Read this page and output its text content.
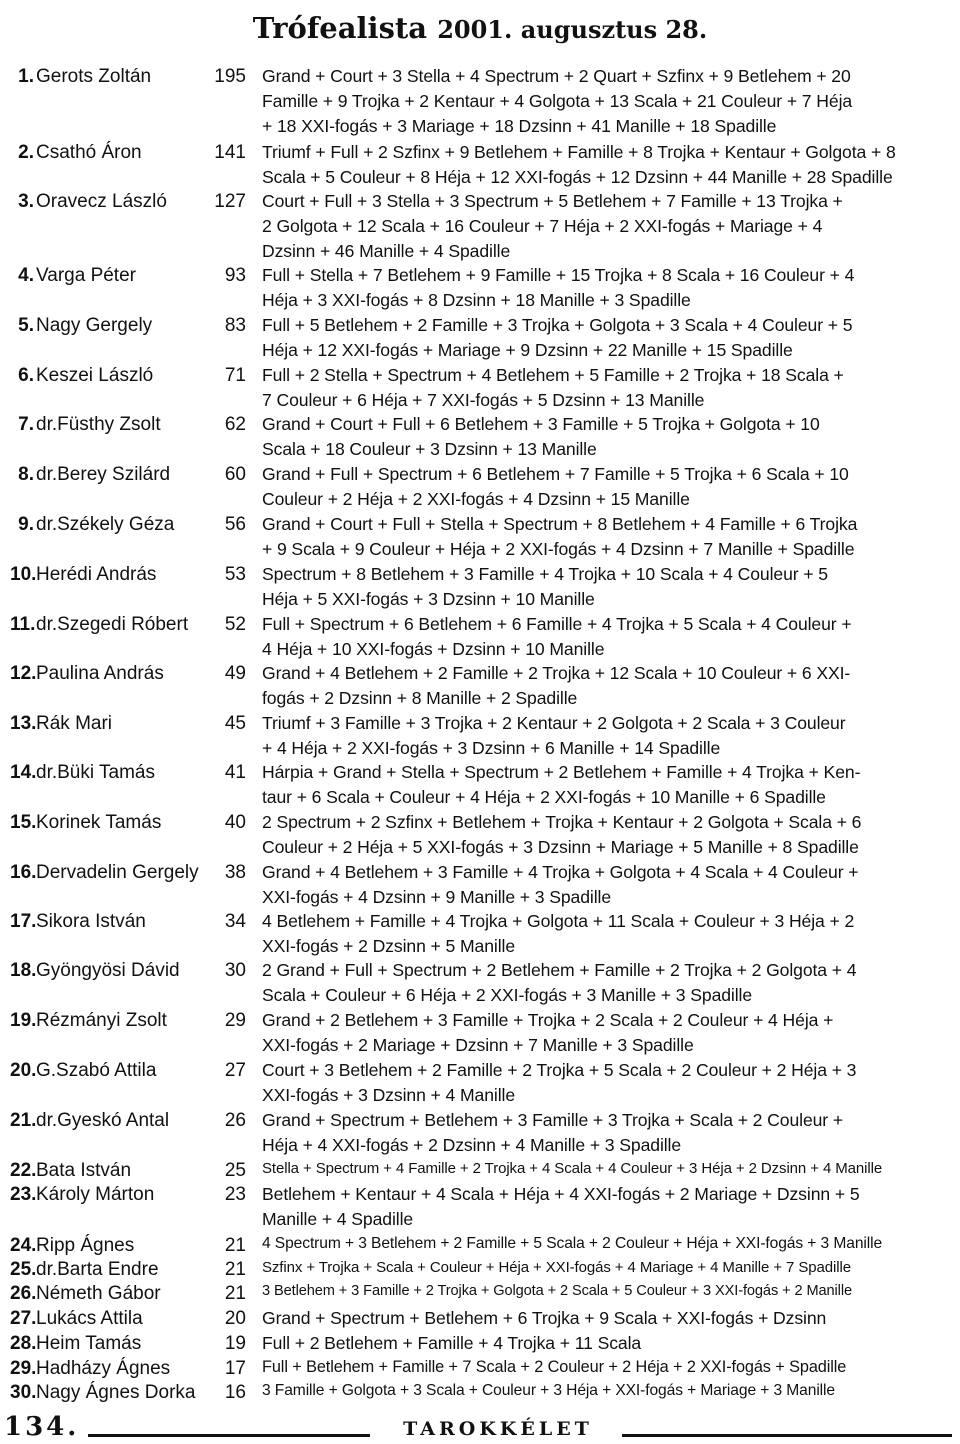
Trófealista 2001. augusztus 28.
1. Gerots Zoltán	195 Grand + Court + 3 Stella + 4 Spectrum + 2 Quart + Szfinx + 9 Betlehem + 20
Famille + 9 Trojka + 2 Kentaur + 4 Golgota + 13 Scala + 21 Couleur + 7 Héja
+ 18 XXI-fogás + 3 Mariage + 18 Dzsinn + 41 Manille + 18 Spadille
2. Csathó Áron	141 Triumf + Full + 2 Szfinx + 9 Betlehem + Famille + 8 Trojka + Kentaur + Golgota + 8
Scala + 5 Couleur + 8 Héja + 12 XXI-fogás + 12 Dzsinn + 44 Manille + 28 Spadille
3. Oravecz László	127 Court + Full + 3 Stella + 3 Spectrum + 5 Betlehem + 7 Famille + 13 Trojka +
2 Golgota + 12 Scala + 16 Couleur + 7 Héja + 2 XXI-fogás + Mariage + 4
Dzsinn + 46 Manille + 4 Spadille
4. Varga Péter	93 Full + Stella + 7 Betlehem + 9 Famille + 15 Trojka + 8 Scala + 16 Couleur + 4
Héja + 3 XXI-fogás + 8 Dzsinn + 18 Manille + 3 Spadille
5. Nagy Gergely	83 Full + 5 Betlehem + 2 Famille + 3 Trojka + Golgota + 3 Scala + 4 Couleur + 5
Héja + 12 XXI-fogás + Mariage + 9 Dzsinn + 22 Manille + 15 Spadille
6. Keszei László	71 Full + 2 Stella + Spectrum + 4 Betlehem + 5 Famille + 2 Trojka + 18 Scala +
7 Couleur + 6 Héja + 7 XXI-fogás + 5 Dzsinn + 13 Manille
7. dr.Füsthy Zsolt	62 Grand + Court + Full + 6 Betlehem + 3 Famille + 5 Trojka + Golgota + 10
Scala + 18 Couleur + 3 Dzsinn + 13 Manille
8. dr.Berey Szilárd	60 Grand + Full + Spectrum + 6 Betlehem + 7 Famille + 5 Trojka + 6 Scala + 10
Couleur + 2 Héja + 2 XXI-fogás + 4 Dzsinn + 15 Manille
9. dr.Székely Géza	56 Grand + Court + Full + Stella + Spectrum + 8 Betlehem + 4 Famille + 6 Trojka
+ 9 Scala + 9 Couleur + Héja + 2 XXI-fogás + 4 Dzsinn + 7 Manille + Spadille
10. Herédi András	53 Spectrum + 8 Betlehem + 3 Famille + 4 Trojka + 10 Scala + 4 Couleur + 5
Héja + 5 XXI-fogás + 3 Dzsinn + 10 Manille
11. dr.Szegedi Róbert	52 Full + Spectrum + 6 Betlehem + 6 Famille + 4 Trojka + 5 Scala + 4 Couleur +
4 Héja + 10 XXI-fogás + Dzsinn + 10 Manille
12. Paulina András	49 Grand + 4 Betlehem + 2 Famille + 2 Trojka + 12 Scala + 10 Couleur + 6 XXI-
fogás + 2 Dzsinn + 8 Manille + 2 Spadille
13. Rák Mari	45 Triumf + 3 Famille + 3 Trojka + 2 Kentaur + 2 Golgota + 2 Scala + 3 Couleur
+ 4 Héja + 2 XXI-fogás + 3 Dzsinn + 6 Manille + 14 Spadille
14. dr.Büki Tamás	41 Hárpia + Grand + Stella + Spectrum + 2 Betlehem + Famille + 4 Trojka + Ken-
taur + 6 Scala + Couleur + 4 Héja + 2 XXI-fogás + 10 Manille + 6 Spadille
15. Korinek Tamás	40 2 Spectrum + 2 Szfinx + Betlehem + Trojka + Kentaur + 2 Golgota + Scala + 6
Couleur + 2 Héja + 5 XXI-fogás + 3 Dzsinn + Mariage + 5 Manille + 8 Spadille
16. Dervadelin Gergely	38 Grand + 4 Betlehem + 3 Famille + 4 Trojka + Golgota + 4 Scala + 4 Couleur +
XXI-fogás + 4 Dzsinn + 9 Manille + 3 Spadille
17. Sikora István	34 4 Betlehem + Famille + 4 Trojka + Golgota + 11 Scala + Couleur + 3 Héja + 2
XXI-fogás + 2 Dzsinn + 5 Manille
18. Gyöngyösi Dávid	30 2 Grand + Full + Spectrum + 2 Betlehem + Famille + 2 Trojka + 2 Golgota + 4
Scala + Couleur + 6 Héja + 2 XXI-fogás + 3 Manille + 3 Spadille
19. Rézmányi Zsolt	29 Grand + 2 Betlehem + 3 Famille + Trojka + 2 Scala + 2 Couleur + 4 Héja +
XXI-fogás + 2 Mariage + Dzsinn + 7 Manille + 3 Spadille
20. G.Szabó Attila	27 Court + 3 Betlehem + 2 Famille + 2 Trojka + 5 Scala + 2 Couleur + 2 Héja + 3
XXI-fogás + 3 Dzsinn + 4 Manille
21. dr.Gyeskó Antal	26 Grand + Spectrum + Betlehem + 3 Famille + 3 Trojka + Scala + 2 Couleur +
Héja + 4 XXI-fogás + 2 Dzsinn + 4 Manille + 3 Spadille
22. Bata István	25 Stella + Spectrum + 4 Famille + 2 Trojka + 4 Scala + 4 Couleur + 3 Héja + 2 Dzsinn + 4 Manille
23. Károly Márton	23 Betlehem + Kentaur + 4 Scala + Héja + 4 XXI-fogás + 2 Mariage + Dzsinn + 5
Manille + 4 Spadille
24. Ripp Ágnes	21 4 Spectrum + 3 Betlehem + 2 Famille + 5 Scala + 2 Couleur + Héja + XXI-fogás + 3 Manille
25. dr.Barta Endre	21 Szfinx + Trojka + Scala + Couleur + Héja + XXI-fogás + 4 Mariage + 4 Manille + 7 Spadille
26. Németh Gábor	21 3 Betlehem + 3 Famille + 2 Trojka + Golgota + 2 Scala + 5 Couleur + 3 XXI-fogás + 2 Manille
27. Lukács Attila	20 Grand + Spectrum + Betlehem + 6 Trojka + 9 Scala + XXI-fogás + Dzsinn
28. Heim Tamás	19 Full + 2 Betlehem + Famille + 4 Trojka + 11 Scala
29. Hadházy Ágnes	17 Full + Betlehem + Famille + 7 Scala + 2 Couleur + 2 Héja + 2 XXI-fogás + Spadille
30. Nagy Ágnes Dorka	16 3 Famille + Golgota + 3 Scala + Couleur + 3 Héja + XXI-fogás + Mariage + 3 Manille
134.	TAROKKÉLET
